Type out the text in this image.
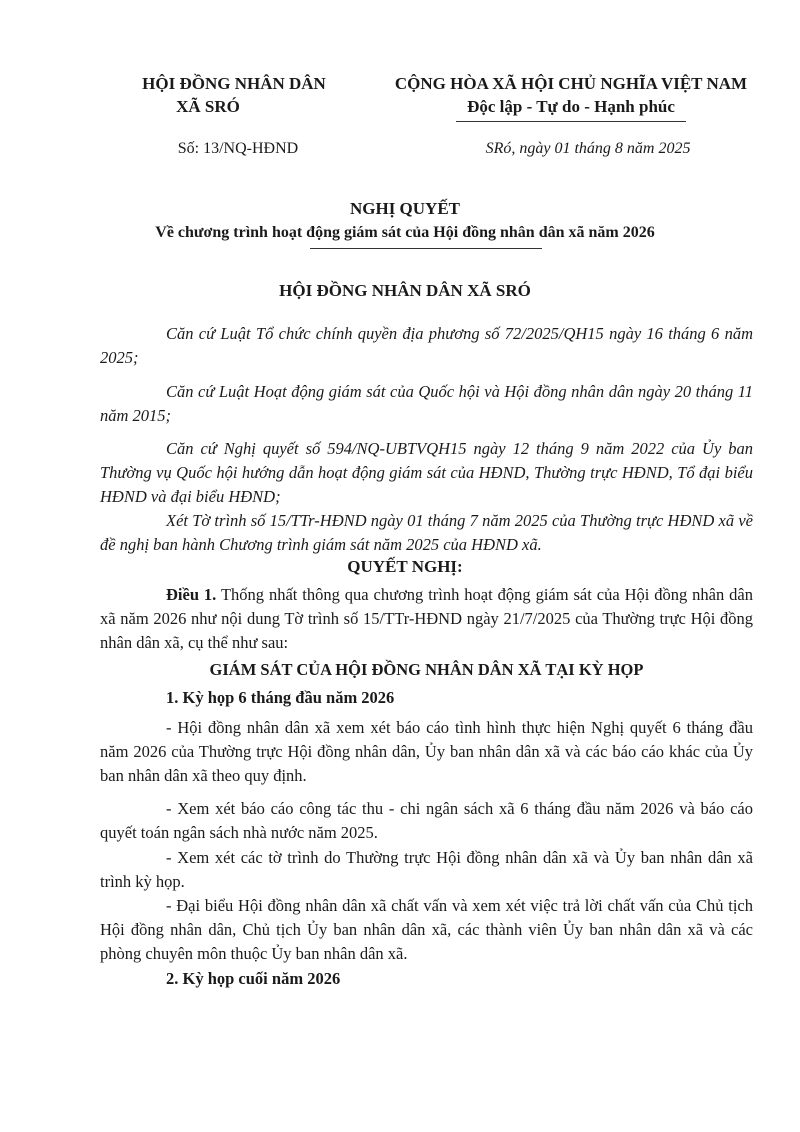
HỘI ĐỒNG NHÂN DÂN
XÃ SRÓ
CỘNG HÒA XÃ HỘI CHỦ NGHĨA VIỆT NAM
Độc lập - Tự do - Hạnh phúc
Số: 13/NQ-HĐND	SRó, ngày 01 tháng 8 năm 2025
NGHỊ QUYẾT
Về chương trình hoạt động giám sát của Hội đồng nhân dân xã năm 2026
HỘI ĐỒNG NHÂN DÂN XÃ SRÓ
Căn cứ Luật Tổ chức chính quyền địa phương số 72/2025/QH15 ngày 16 tháng 6 năm 2025;
Căn cứ Luật Hoạt động giám sát của Quốc hội và Hội đồng nhân dân ngày 20 tháng 11 năm 2015;
Căn cứ Nghị quyết số 594/NQ-UBTVQH15 ngày 12 tháng 9 năm 2022 của Ủy ban Thường vụ Quốc hội hướng dẫn hoạt động giám sát của HĐND, Thường trực HĐND, Tổ đại biểu HĐND và đại biểu HĐND;
Xét Tờ trình số 15/TTr-HĐND ngày 01 tháng 7 năm 2025 của Thường trực HĐND xã về đề nghị ban hành Chương trình giám sát năm 2025 của HĐND xã.
QUYẾT NGHỊ:
Điều 1. Thống nhất thông qua chương trình hoạt động giám sát của Hội đồng nhân dân xã năm 2026 như nội dung Tờ trình số 15/TTr-HĐND ngày 21/7/2025 của Thường trực Hội đồng nhân dân xã, cụ thể như sau:
GIÁM SÁT CỦA HỘI ĐỒNG NHÂN DÂN XÃ TẠI KỲ HỌP
1. Kỳ họp 6 tháng đầu năm 2026
- Hội đồng nhân dân xã xem xét báo cáo tình hình thực hiện Nghị quyết 6 tháng đầu năm 2026 của Thường trực Hội đồng nhân dân, Ủy ban nhân dân xã và các báo cáo khác của Ủy ban nhân dân xã theo quy định.
- Xem xét báo cáo công tác thu - chi ngân sách xã 6 tháng đầu năm 2026 và báo cáo quyết toán ngân sách nhà nước năm 2025.
- Xem xét các tờ trình do Thường trực Hội đồng nhân dân xã và Ủy ban nhân dân xã trình kỳ họp.
- Đại biểu Hội đồng nhân dân xã chất vấn và xem xét việc trả lời chất vấn của Chủ tịch Hội đồng nhân dân, Chủ tịch Ủy ban nhân dân xã, các thành viên Ủy ban nhân dân xã và các phòng chuyên môn thuộc Ủy ban nhân dân xã.
2. Kỳ họp cuối năm 2026
